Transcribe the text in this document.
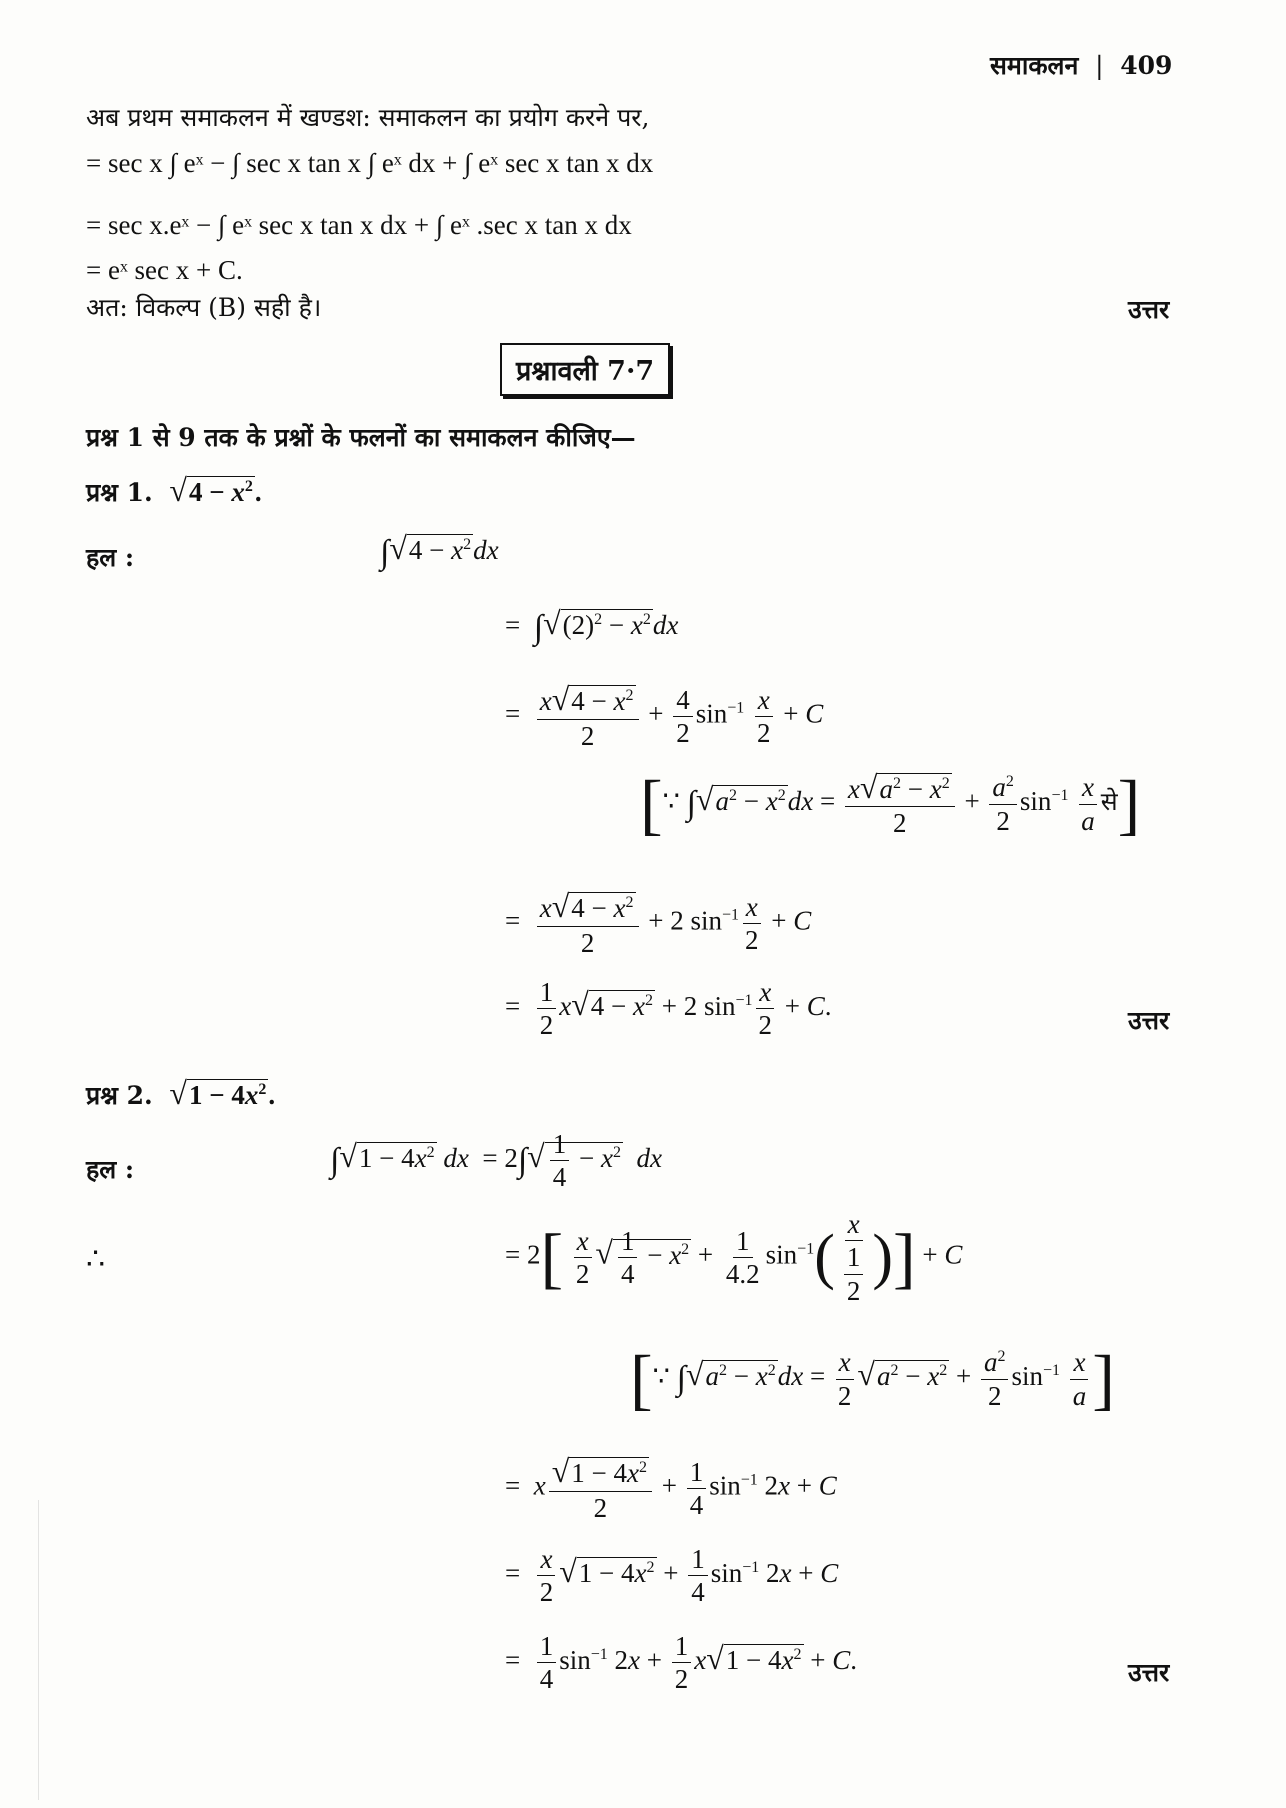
समाकलन | 409
अब प्रथम समाकलन में खण्डश: समाकलन का प्रयोग करने पर,
= sec x ∫ eˣ − ∫ sec x tan x ∫ eˣ dx + ∫ eˣ sec x tan x dx
= sec x.eˣ − ∫ eˣ sec x tan x dx + ∫ eˣ .sec x tan x dx
= eˣ sec x + C.
अत: विकल्प (B) सही है।	उत्तर
प्रश्नावली 7·7
प्रश्न 1 से 9 तक के प्रश्नों के फलनों का समाकलन कीजिए—
प्रश्न 1. $√4 - x^2$.
हल :	$\int√4 - x^2dx$
=  $\int√(2)^2 - x^2dx$
= $\frac{x√4 - x^2}{2} + \frac{4}{2} \sin^{-1} \frac{x}{2} + C$
[∵ $\int√a^2 - x^2dx = \frac{x√a^2 - x^2}{2} + \frac{a^2}{2} \sin^{-1} \frac{x}{a}$ से]
= $\frac{x√4 - x^2}{2} + 2$ $\sin^{-1} \frac{x}{2} + C$
= $\frac{1}{2} x√4 - x^2 + 2$ $\sin^{-1} \frac{x}{2} + C$.	उत्तर
प्रश्न 2. $√1 - 4x^2$.
हल :	$\int√1 - 4x^2$ dx  = $2\int√ \frac{1}{4} - x^2$ dx
∴	= $2[ \frac{x}{2}$ √ $\frac{1}{4} - x^2 + \frac{1}{4.2} \sin^{-1}( \frac{x}{\frac{1}{2}}$ )] + C
[∵ $\int√a^2 - x^2dx = \frac{x}{2} √a^2 - x^2 + \frac{a^2}{2} \sin^{-1} \frac{x}{a}$ ]
=  x $\frac{√1 - 4x^2}{2} + \frac{1}{4} \sin^{-1} 2x + C$
= $\frac{x}{2} √1 - 4x^2 + \frac{1}{4} \sin^{-1} 2x + C$
= $\frac{1}{4} \sin^{-1} 2x + \frac{1}{2} x√1 - 4x^2 + C$.	उत्तर
